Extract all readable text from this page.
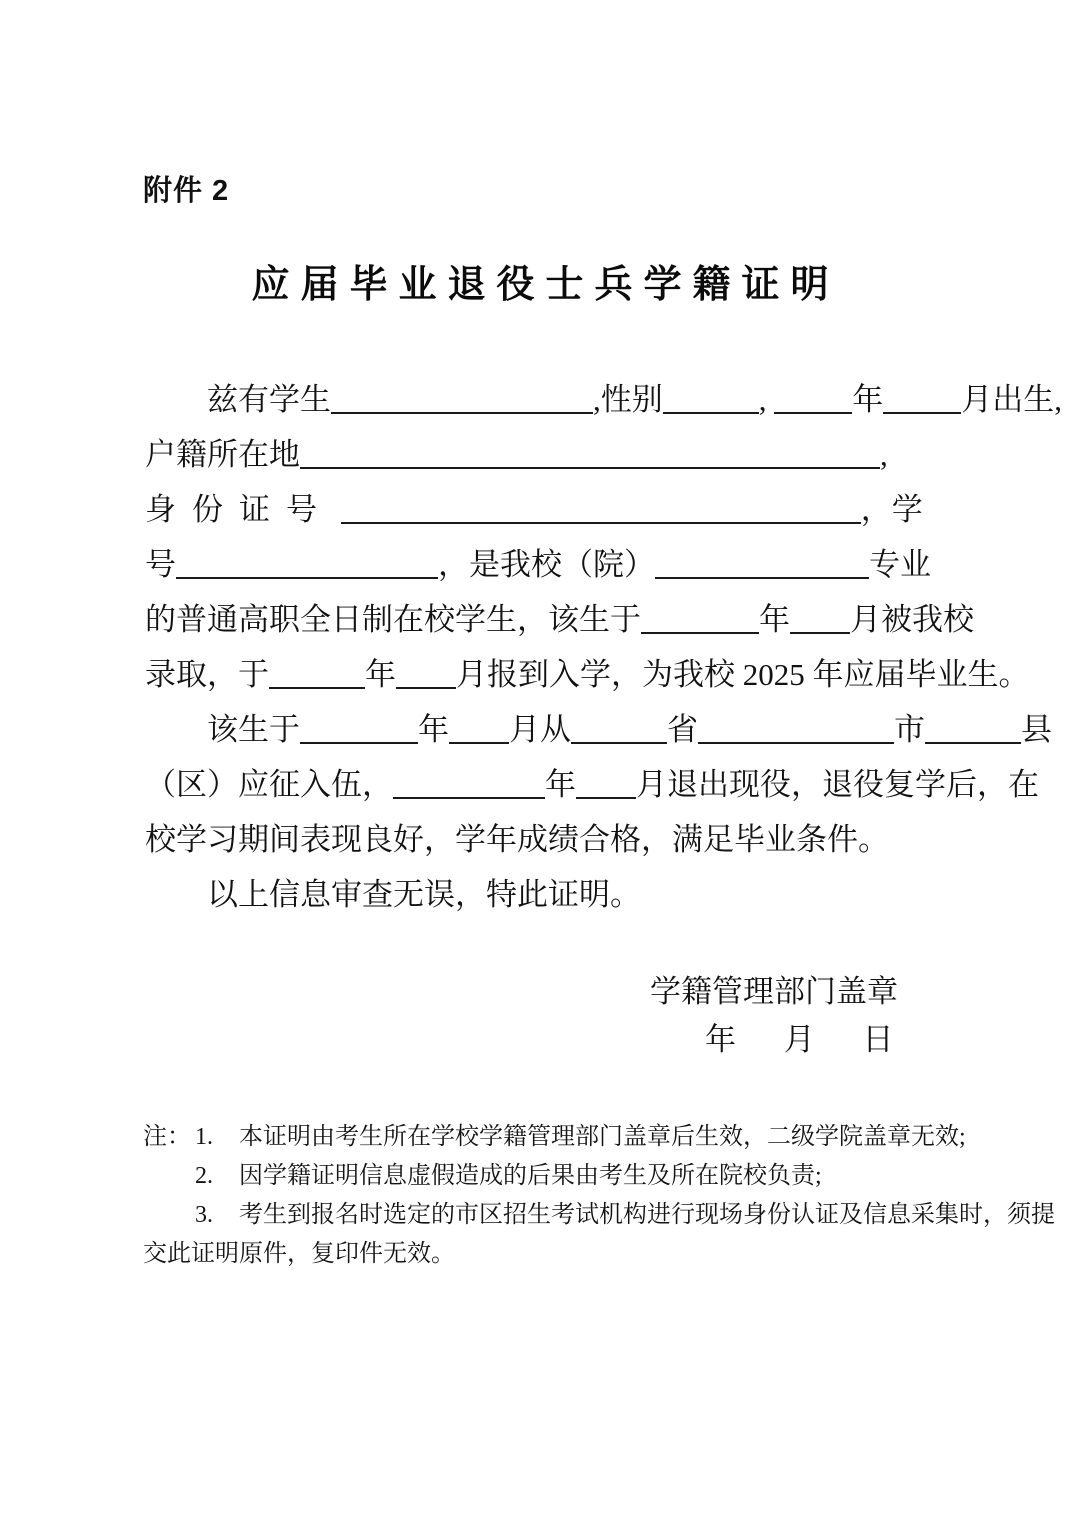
附件 2
应届毕业退役士兵学籍证明
兹有学生	,性别	,	年	月出生,
户籍所在地	,
身份证号	，学
号	，是我校（院）	专业
的普通高职全日制在校学生，该生于	年 月被我校
录取，于	年 月报到入学，为我校 2025 年应届毕业生。
该生于	年 月从	省	市	县
（区）应征入伍，	年 月退出现役，退役复学后，在
校学习期间表现良好，学年成绩合格，满足毕业条件。
以上信息审查无误，特此证明。
学籍管理部门盖章
年 月 日
注： 1. 本证明由考生所在学校学籍管理部门盖章后生效，二级学院盖章无效;
2. 因学籍证明信息虚假造成的后果由考生及所在院校负责;
3. 考生到报名时选定的市区招生考试机构进行现场身份认证及信息采集时，须提
交此证明原件，复印件无效。
